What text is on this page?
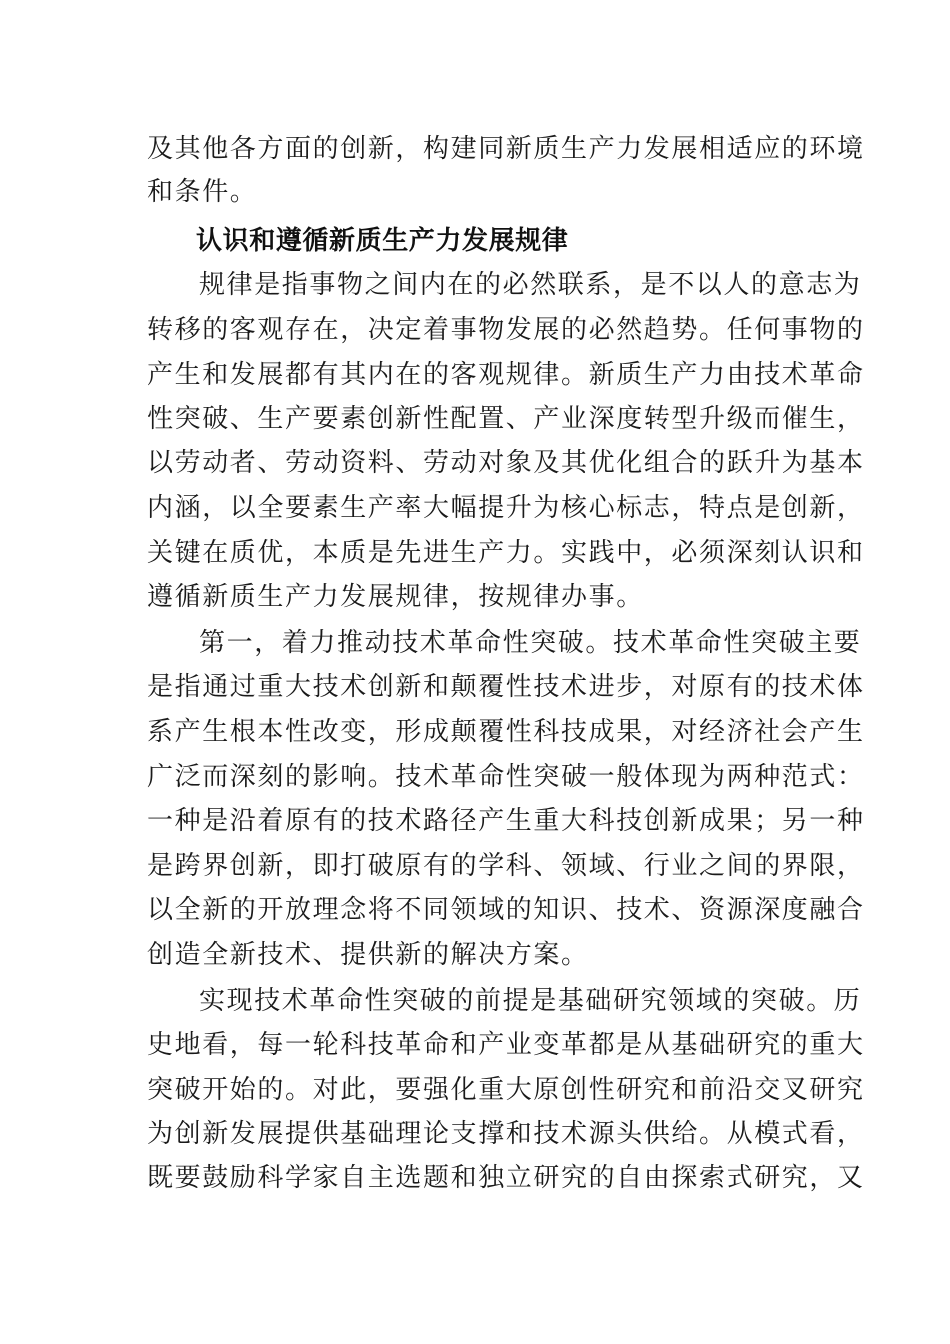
及其他各方面的创新，构建同新质生产力发展相适应的环境
和条件。
认识和遵循新质生产力发展规律
规律是指事物之间内在的必然联系，是不以人的意志为
转移的客观存在，决定着事物发展的必然趋势。任何事物的
产生和发展都有其内在的客观规律。新质生产力由技术革命
性突破、生产要素创新性配置、产业深度转型升级而催生，
以劳动者、劳动资料、劳动对象及其优化组合的跃升为基本
内涵，以全要素生产率大幅提升为核心标志，特点是创新，
关键在质优，本质是先进生产力。实践中，必须深刻认识和
遵循新质生产力发展规律，按规律办事。
第一，着力推动技术革命性突破。技术革命性突破主要
是指通过重大技术创新和颠覆性技术进步，对原有的技术体
系产生根本性改变，形成颠覆性科技成果，对经济社会产生
广泛而深刻的影响。技术革命性突破一般体现为两种范式：
一种是沿着原有的技术路径产生重大科技创新成果；另一种
是跨界创新，即打破原有的学科、领域、行业之间的界限，
以全新的开放理念将不同领域的知识、技术、资源深度融合
创造全新技术、提供新的解决方案。
实现技术革命性突破的前提是基础研究领域的突破。历
史地看，每一轮科技革命和产业变革都是从基础研究的重大
突破开始的。对此，要强化重大原创性研究和前沿交叉研究
为创新发展提供基础理论支撑和技术源头供给。从模式看，
既要鼓励科学家自主选题和独立研究的自由探索式研究，又
